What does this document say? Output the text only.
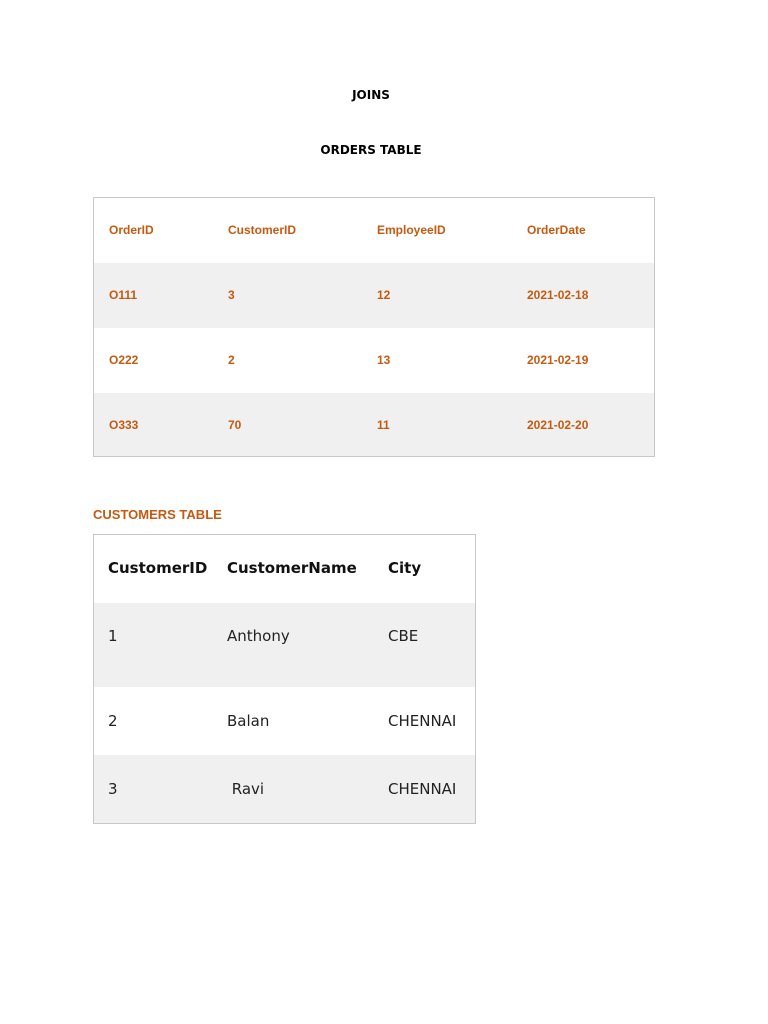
JOINS
ORDERS TABLE
OrderID	CustomerID	EmployeeID	OrderDate
O111	3	12	2021-02-18
O222	2	13	2021-02-19
O333	70	11	2021-02-20
CUSTOMERS TABLE
CustomerID CustomerName City
1	Anthony	CBE
2	Balan	CHENNAI
3	Ravi	CHENNAI
